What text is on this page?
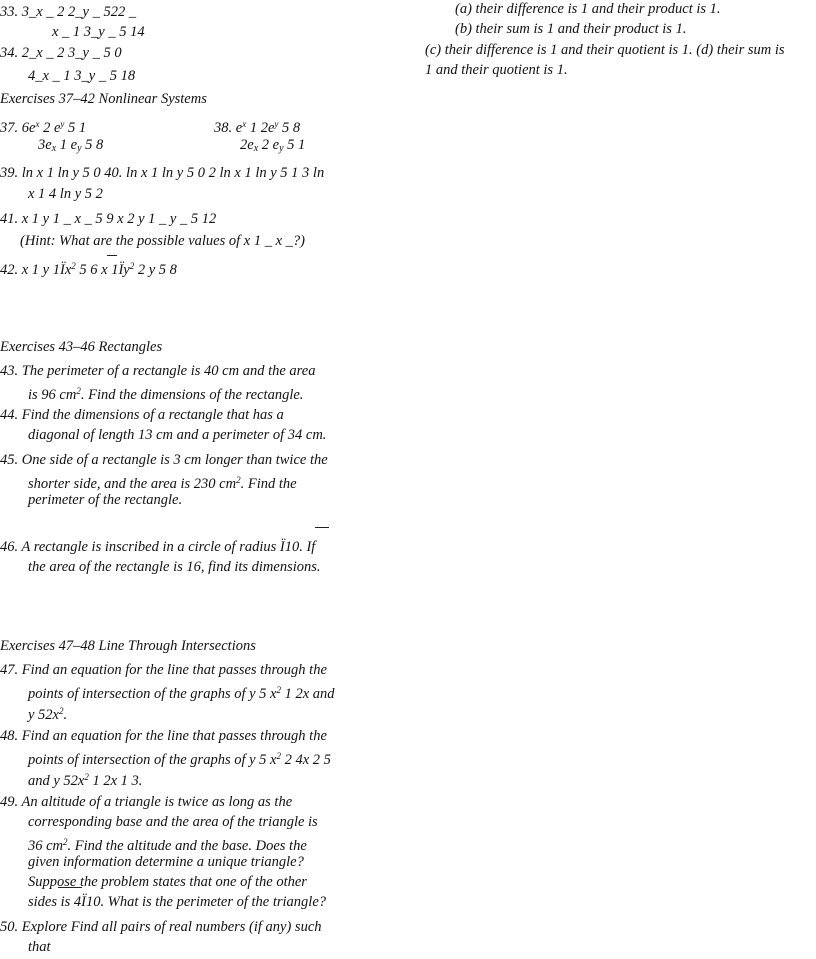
33. 3_x _ 2 2_y _ 522 _
x _ 1 3_y _ 5 14
34. 2_x _ 2 3_y _ 5 0
4_x _ 1 3_y _ 5 18
Exercises 37–42 Nonlinear Systems
37. $6e^x$ 2 $e^y$ 5 1	38. $e^x$ 1 $2e^y$ 5 8
3ex 1 ey 5 8	2ex 2 ey 5 1
39. ln x 1 ln y 5 0 40. ln x 1 ln y 5 0 2 ln x 1 ln y 5 1 3 ln
x 1 4 ln y 5 2
41. x 1 y 1 _ x _ 5 9 x 2 y 1 _ y _ 5 12
(Hint: What are the possible values of x 1 _ x _?)
42. x 1 y $1Ïx^2$ 5 6 x $1Ïy^2$ 2 y 5 8
(a) their difference is 1 and their product is 1.
(b) their sum is 1 and their product is 1.
(c) their difference is 1 and their quotient is 1. (d) their sum is
1 and their quotient is 1.
Exercises 43–46 Rectangles
43. The perimeter of a rectangle is 40 cm and the area
is 96 $cm^2$. Find the dimensions of the rectangle.
44. Find the dimensions of a rectangle that has a
diagonal of length 13 cm and a perimeter of 34 cm.
45. One side of a rectangle is 3 cm longer than twice the
shorter side, and the area is 230 $cm^2$. Find the
perimeter of the rectangle.
46. A rectangle is inscribed in a circle of radius Ï10. If
the area of the rectangle is 16, find its dimensions.
Exercises 47–48 Line Through Intersections
47. Find an equation for the line that passes through the
points of intersection of the graphs of y 5 $x^2$ 1 2x and
y $52x^2$.
48. Find an equation for the line that passes through the
points of intersection of the graphs of y 5 $x^2$ 2 4x 2 5
and y $52x^2$ 1 2x 1 3.
49. An altitude of a triangle is twice as long as the
corresponding base and the area of the triangle is
36 $cm^2$. Find the altitude and the base. Does the
given information determine a unique triangle?
Suppose the problem states that one of the other
sides is 4Ï10. What is the perimeter of the triangle?
50. Explore Find all pairs of real numbers (if any) such
that
